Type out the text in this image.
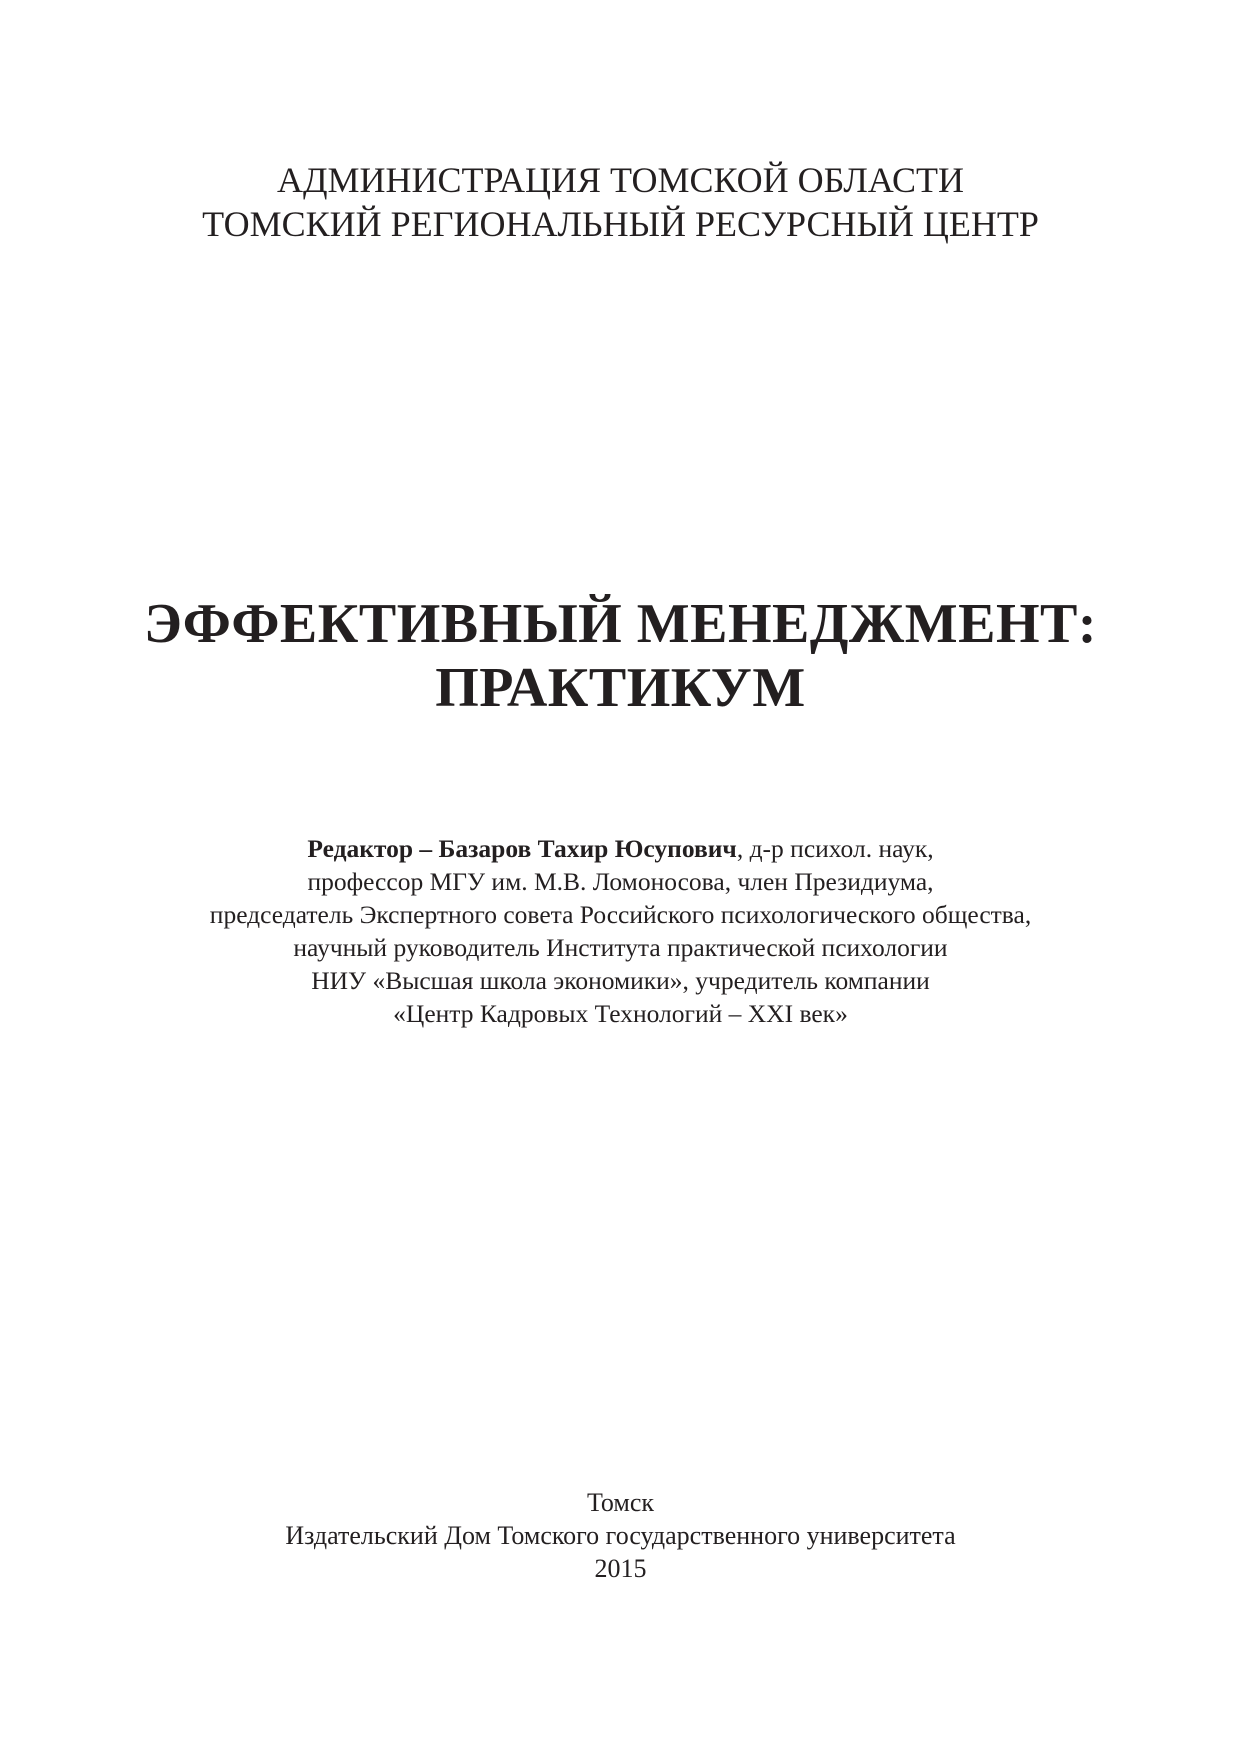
АДМИНИСТРАЦИЯ ТОМСКОЙ ОБЛАСТИ
ТОМСКИЙ РЕГИОНАЛЬНЫЙ РЕСУРСНЫЙ ЦЕНТР
ЭФФЕКТИВНЫЙ МЕНЕДЖМЕНТ:
ПРАКТИКУМ
Редактор – Базаров Тахир Юсупович, д-р психол. наук,
профессор МГУ им. М.В. Ломоносова, член Президиума,
председатель Экспертного совета Российского психологического общества,
научный руководитель Института практической психологии
НИУ «Высшая школа экономики», учредитель компании
«Центр Кадровых Технологий – XXI век»
Томск
Издательский Дом Томского государственного университета
2015
